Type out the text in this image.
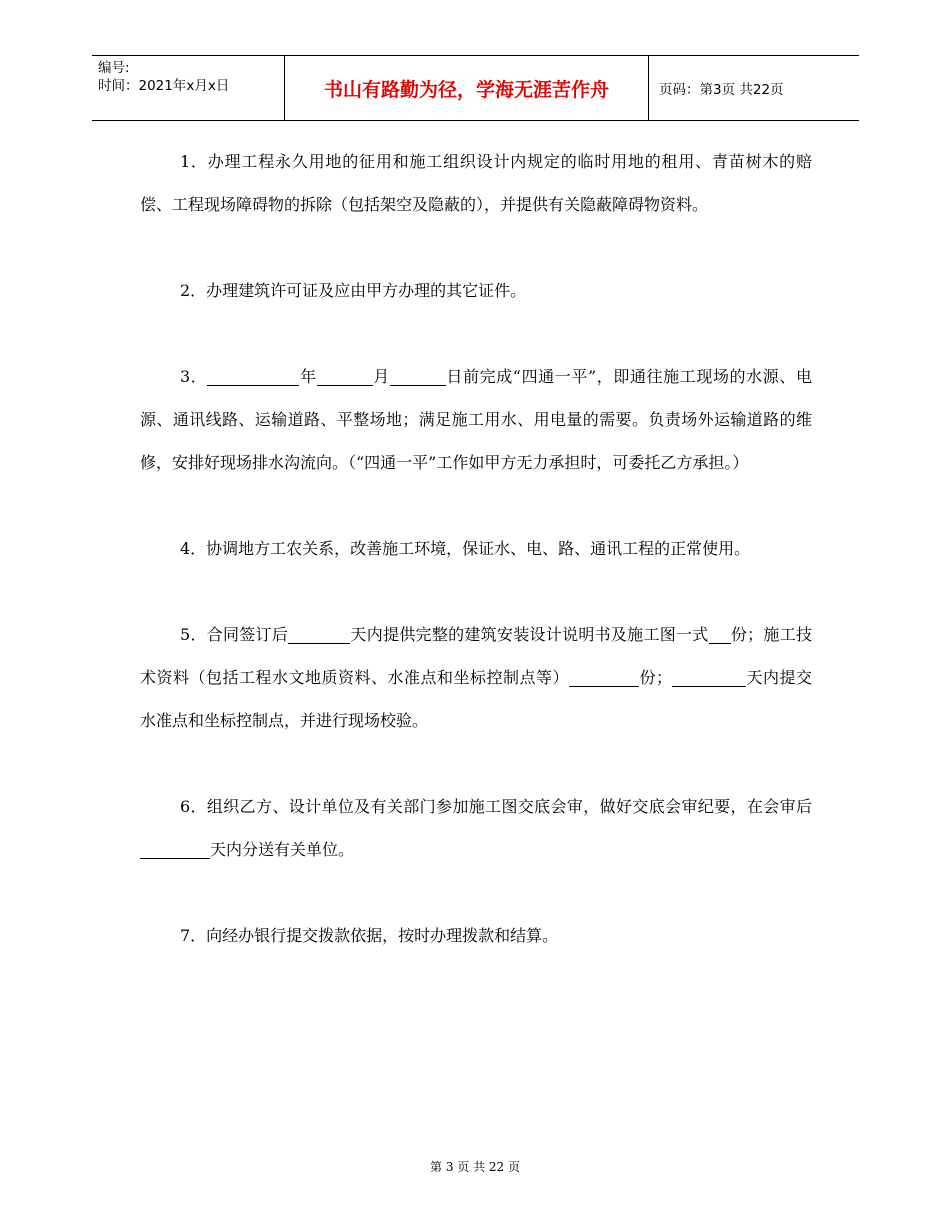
编号:
时间：2021年x月x日	书山有路勤为径，学海无涯苦作舟	页码：第3页 共22页

1．办理工程永久用地的征用和施工组织设计内规定的临时用地的租用、青苗树木的赔偿、工程现场障碍物的拆除（包括架空及隐蔽的），并提供有关隐蔽障碍物资料。

2．办理建筑许可证及应由甲方办理的其它证件。

3．	年	月	日前完成“四通一平”，即通往施工现场的水源、电源、通讯线路、运输道路、平整场地；满足施工用水、用电量的需要。负责场外运输道路的维修，安排好现场排水沟流向。（“四通一平”工作如甲方无力承担时，可委托乙方承担。）

4．协调地方工农关系，改善施工环境，保证水、电、路、通讯工程的正常使用。

5．合同签订后	天内提供完整的建筑安装设计说明书及施工图一式 份；施工技术资料（包括工程水文地质资料、水准点和坐标控制点等）	份；	天内提交水准点和坐标控制点，并进行现场校验。

6．组织乙方、设计单位及有关部门参加施工图交底会审，做好交底会审纪要，在会审后天内分送有关单位。

7．向经办银行提交拨款依据，按时办理拨款和结算。

第 3 页 共 22 页
